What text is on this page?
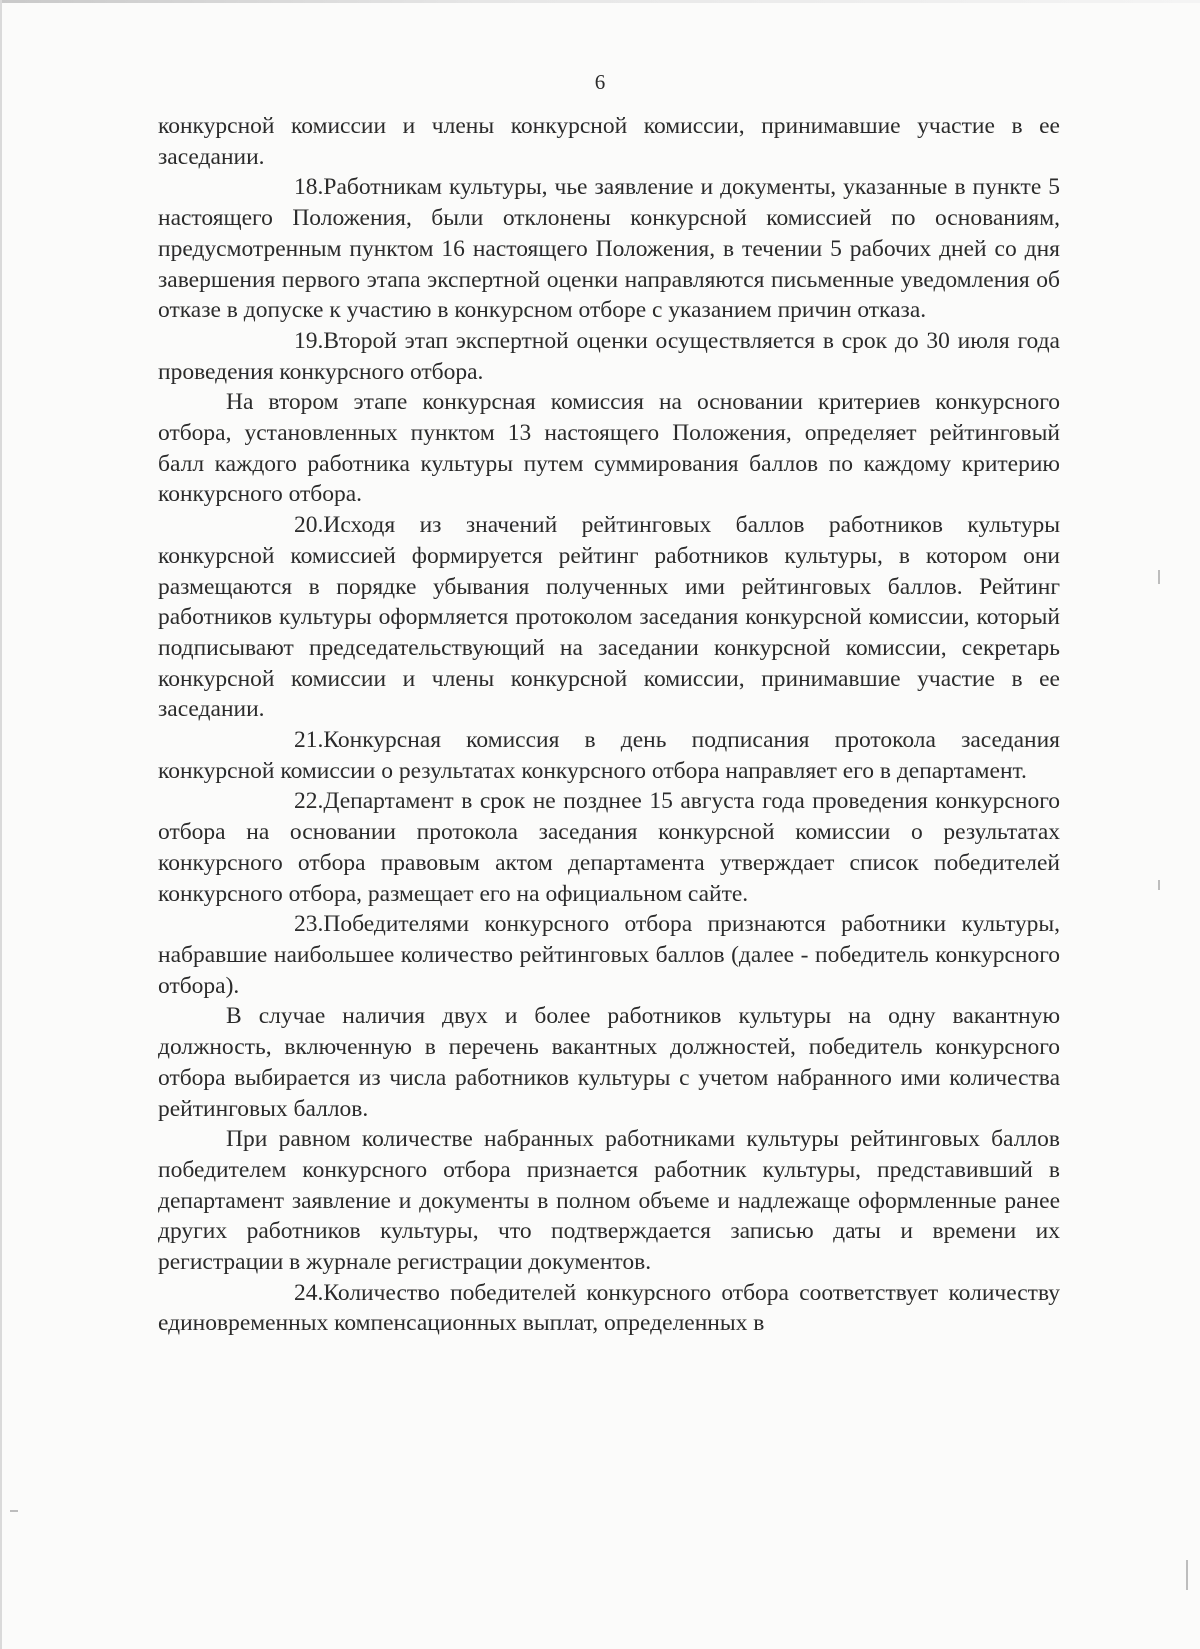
6

конкурсной комиссии и члены конкурсной комиссии, принимавшие участие в ее заседании.

18.Работникам культуры, чье заявление и документы, указанные в пункте 5 настоящего Положения, были отклонены конкурсной комиссией по основаниям, предусмотренным пунктом 16 настоящего Положения, в течении 5 рабочих дней со дня завершения первого этапа экспертной оценки направляются письменные уведомления об отказе в допуске к участию в конкурсном отборе с указанием причин отказа.

19.Второй этап экспертной оценки осуществляется в срок до 30 июля года проведения конкурсного отбора.

На втором этапе конкурсная комиссия на основании критериев конкурсного отбора, установленных пунктом 13 настоящего Положения, определяет рейтинговый балл каждого работника культуры путем суммирования баллов по каждому критерию конкурсного отбора.

20.Исходя из значений рейтинговых баллов работников культуры конкурсной комиссией формируется рейтинг работников культуры, в котором они размещаются в порядке убывания полученных ими рейтинговых баллов. Рейтинг работников культуры оформляется протоколом заседания конкурсной комиссии, который подписывают председательствующий на заседании конкурсной комиссии, секретарь конкурсной комиссии и члены конкурсной комиссии, принимавшие участие в ее заседании.

21.Конкурсная комиссия в день подписания протокола заседания конкурсной комиссии о результатах конкурсного отбора направляет его в департамент.

22.Департамент в срок не позднее 15 августа года проведения конкурсного отбора на основании протокола заседания конкурсной комиссии о результатах конкурсного отбора правовым актом департамента утверждает список победителей конкурсного отбора, размещает его на официальном сайте.

23.Победителями конкурсного отбора признаются работники культуры, набравшие наибольшее количество рейтинговых баллов (далее - победитель конкурсного отбора).

В случае наличия двух и более работников культуры на одну вакантную должность, включенную в перечень вакантных должностей, победитель конкурсного отбора выбирается из числа работников культуры с учетом набранного ими количества рейтинговых баллов.

При равном количестве набранных работниками культуры рейтинговых баллов победителем конкурсного отбора признается работник культуры, представивший в департамент заявление и документы в полном объеме и надлежаще оформленные ранее других работников культуры, что подтверждается записью даты и времени их регистрации в журнале регистрации документов.

24.Количество победителей конкурсного отбора соответствует количеству единовременных компенсационных выплат, определенных в
